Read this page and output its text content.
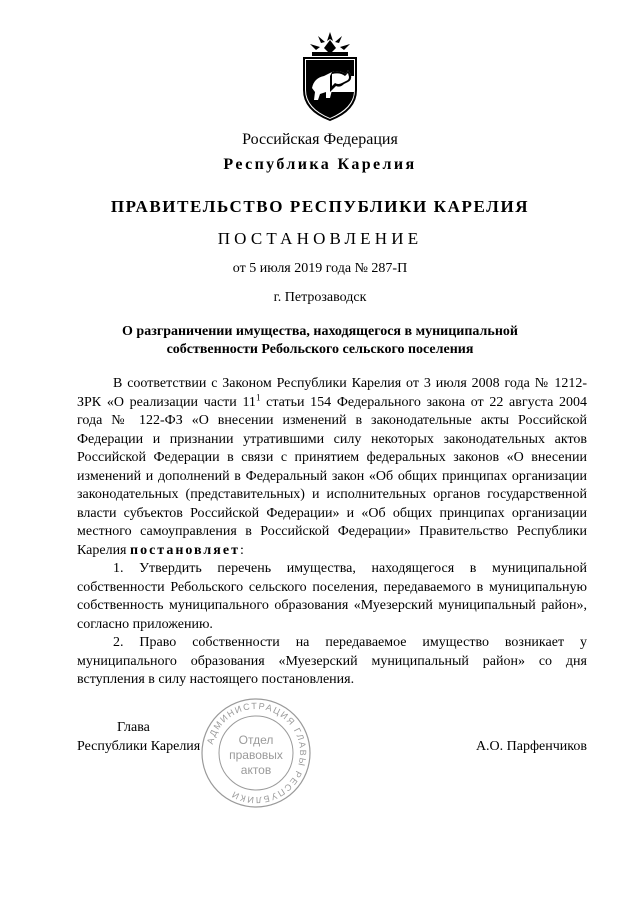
Российская Федерация
Республика Карелия
ПРАВИТЕЛЬСТВО РЕСПУБЛИКИ КАРЕЛИЯ
ПОСТАНОВЛЕНИЕ
от 5 июля 2019 года № 287-П
г. Петрозаводск
О разграничении имущества, находящегося в муниципальной
собственности Ребольского сельского поселения

В соответствии с Законом Республики Карелия от 3 июля 2008 года № 1212-ЗРК «О реализации части $11^1$ статьи 154 Федерального закона от 22 августа 2004 года № 122-ФЗ «О внесении изменений в законодательные акты Российской Федерации и признании утратившими силу некоторых законодательных актов Российской Федерации в связи с принятием федеральных законов «О внесении изменений и дополнений в Федеральный закон «Об общих принципах организации законодательных (представительных) и исполнительных органов государственной власти субъектов Российской Федерации» и «Об общих принципах организации местного самоуправления в Российской Федерации» Правительство Республики Карелия постановляет:

1. Утвердить перечень имущества, находящегося в муниципальной собственности Ребольского сельского поселения, передаваемого в муниципальную собственность муниципального образования «Муезерский муниципальный район», согласно приложению.

2. Право собственности на передаваемое имущество возникает у муниципального образования «Муезерский муниципальный район» со дня вступления в силу настоящего постановления.

Глава
Республики Карелия	А.О. Парфенчиков
АДМИНИСТРАЦИЯ ГЛАВЫ РЕСПУБЛИКИ
Отдел
правовых
актов
